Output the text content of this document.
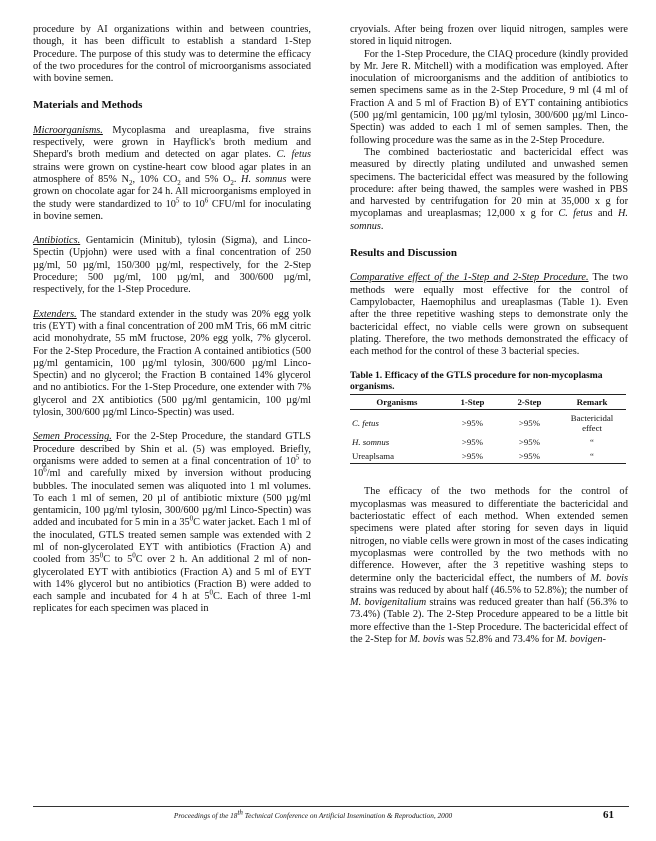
procedure by AI organizations within and between countries, though, it has been difficult to establish a standard 1-Step Procedure. The purpose of this study was to determine the efficacy of the two procedures for the control of microorganisms associated with bovine semen.

Materials and Methods

Microorganisms. Mycoplasma and ureaplasma, five strains respectively, were grown in Hayflick's broth medium and Shepard's broth medium and detected on agar plates. C. fetus strains were grown on cystine-heart cow blood agar plates in an atmosphere of 85% $N_2$, 10% $CO_2$ and 5% $O_2$. H. somnus were grown on chocolate agar for 24 h. All microorganisms employed in the study were standardized to $10^5$ to $10^6$ CFU/ml for inoculating in bovine semen.

Antibiotics. Gentamicin (Minitub), tylosin (Sigma), and Linco-Spectin (Upjohn) were used with a final concentration of 250 µg/ml, 50 µg/ml, 150/300 µg/ml, respectively, for the 2-Step Procedure; 500 µg/ml, 100 µg/ml, and 300/600 µg/ml, respectively, for the 1-Step Procedure.

Extenders. The standard extender in the study was 20% egg yolk tris (EYT) with a final concentration of 200 mM Tris, 66 mM citric acid monohydrate, 55 mM fructose, 20% egg yolk, 7% glycerol. For the 2-Step Procedure, the Fraction A contained antibiotics (500 µg/ml gentamicin, 100 µg/ml tylosin, 300/600 µg/ml Linco-Spectin) and no glycerol; the Fraction B contained 14% glycerol and no antibiotics. For the 1-Step Procedure, one extender with 7% glycerol and 2X antibiotics (500 µg/ml gentamicin, 100 µg/ml tylosin, 300/600 µg/ml Linco-Spectin) was used.

Semen Processing. For the 2-Step Procedure, the standard GTLS Procedure described by Shin et al. (5) was employed. Briefly, organisms were added to semen at a final concentration of $10^5$ to $10^6/ml$ and carefully mixed by inversion without producing bubbles. The inoculated semen was aliquoted into 1 ml volumes. To each 1 ml of semen, 20 µl of antibiotic mixture (500 µg/ml gentamicin, 100 µg/ml tylosin, 300/600 µg/ml Linco-Spectin) was added and incubated for 5 min in a $35^0C$ water jacket. Each 1 ml of the inoculated, GTLS treated semen sample was extended with 2 ml of non-glycerolated EYT with antibiotics (Fraction A) and cooled from $35^0C$ to $5^0C$ over 2 h. An additional 2 ml of non-glycerolated EYT with antibiotics (Fraction A) and 5 ml of EYT with 14% glycerol but no antibiotics (Fraction B) were added to each sample and incubated for 4 h at $5^0C$. Each of three 1-ml replicates for each specimen was placed in

cryovials. After being frozen over liquid nitrogen, samples were stored in liquid nitrogen.

For the 1-Step Procedure, the CIAQ procedure (kindly provided by Mr. Jere R. Mitchell) with a modification was employed. After inoculation of microorganisms and the addition of antibiotics to semen specimens same as in the 2-Step Procedure, 9 ml (4 ml of Fraction A and 5 ml of Fraction B) of EYT containing antibiotics (500 µg/ml gentamicin, 100 µg/ml tylosin, 300/600 µg/ml Linco-Spectin) was added to each 1 ml of semen samples. Then, the following procedure was the same as in the 2-Step Procedure.

The combined bacteriostatic and bactericidal effect was measured by directly plating undiluted and unwashed semen specimens. The bactericidal effect was measured by the following procedure: after being thawed, the samples were washed in PBS and harvested by centrifugation for 20 min at 35,000 x g for mycoplamas and ureaplasmas; 12,000 x g for C. fetus and H. somnus.

Results and Discussion

Comparative effect of the 1-Step and 2-Step Procedure. The two methods were equally most effective for the control of Campylobacter, Haemophilus and ureaplasmas (Table 1). Even after the three repetitive washing steps to demonstrate only the bactericidal effect, no viable cells were grown on subsequent plating. Therefore, the two methods demonstrated the efficacy of each method for the control of these 3 bacterial species.

Table 1. Efficacy of the GTLS procedure for non-mycoplasma organisms.
Organisms	1-Step	2-Step	Remark
C. fetus	>95%	>95%	Bactericidal effect
H. somnus	>95%	>95%	“
Ureaplsama	>95%	>95%	“

The efficacy of the two methods for the control of mycoplasmas was measured to differentiate the bactericidal and bacteriostatic effect of each method. When extended semen specimens were plated after storing for seven days in liquid nitrogen, no viable cells were grown in most of the cases indicating mycoplasmas were controlled by the two methods with no difference. However, after the 3 repetitive washing steps to determine only the bactericidal effect, the numbers of M. bovis strains was reduced by about half (46.5% to 52.8%); the number of M. bovigenitalium strains was reduced greater than half (56.3% to 73.4%) (Table 2). The 2-Step Procedure appeared to be a little bit more effective than the 1-Step Procedure. The bactericidal effect of the 2-Step for M. bovis was 52.8% and 73.4% for M. bovigen-

Proceedings of the 18th Technical Conference on Artificial Insemination & Reproduction, 2000	61
